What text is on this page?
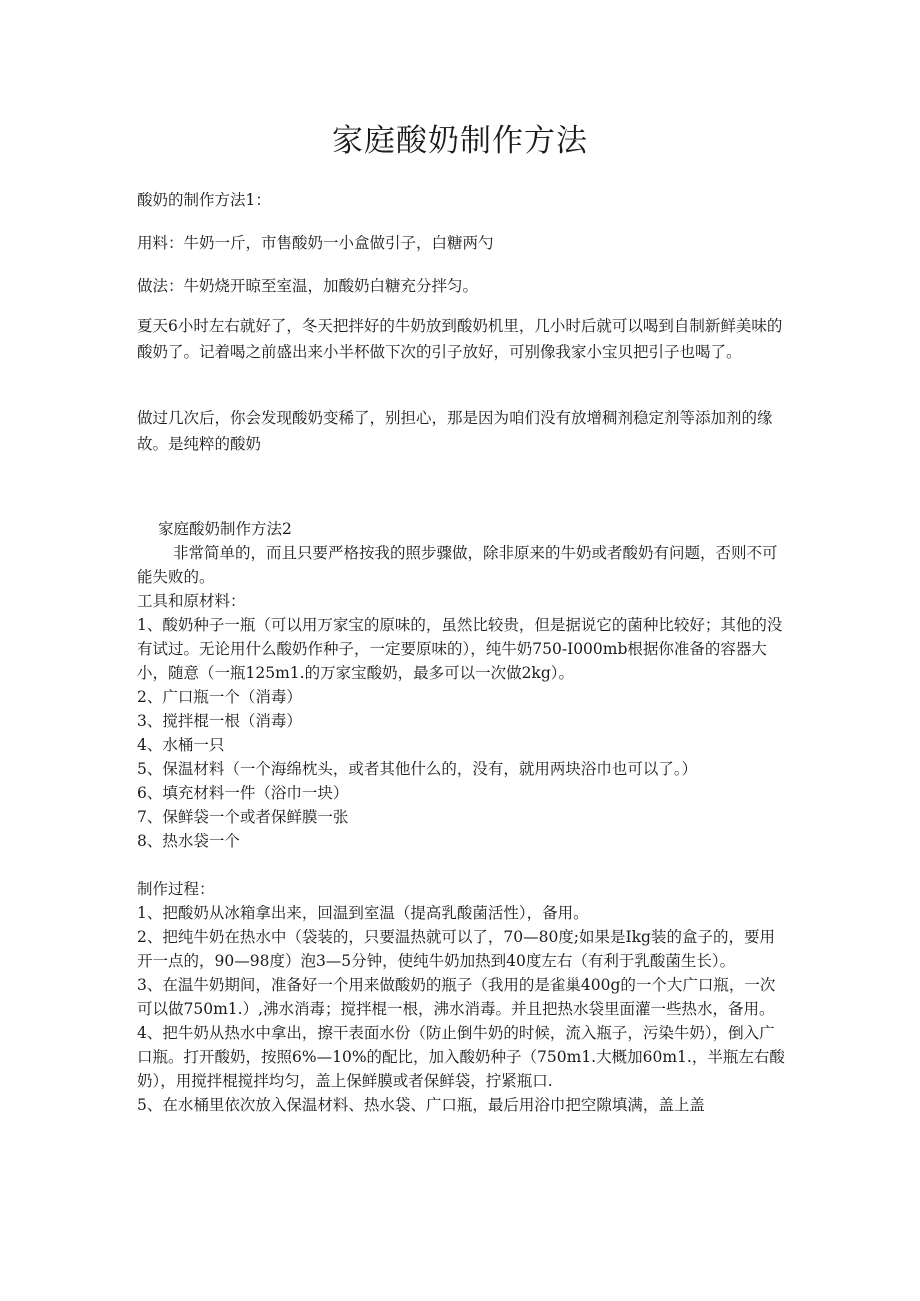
家庭酸奶制作方法

酸奶的制作方法1：

用料：牛奶一斤，市售酸奶一小盒做引子，白糖两勺

做法：牛奶烧开晾至室温，加酸奶白糖充分拌匀。

夏天6小时左右就好了，冬天把拌好的牛奶放到酸奶机里，几小时后就可以喝到自制新鲜美味的酸奶了。记着喝之前盛出来小半杯做下次的引子放好，可别像我家小宝贝把引子也喝了。

做过几次后，你会发现酸奶变稀了，别担心，那是因为咱们没有放增稠剂稳定剂等添加剂的缘故。是纯粹的酸奶

家庭酸奶制作方法2

非常简单的，而且只要严格按我的照步骤做，除非原来的牛奶或者酸奶有问题，否则不可能失败的。

工具和原材料：

1、酸奶种子一瓶（可以用万家宝的原味的，虽然比较贵，但是据说它的菌种比较好；其他的没有试过。无论用什么酸奶作种子，一定要原味的），纯牛奶750-I000mb根据你准备的容器大小，随意（一瓶125m1.的万家宝酸奶，最多可以一次做2kg）。

2、广口瓶一个（消毒）

3、搅拌棍一根（消毒）

4、水桶一只

5、保温材料（一个海绵枕头，或者其他什么的，没有，就用两块浴巾也可以了。）

6、填充材料一件（浴巾一块）

7、保鲜袋一个或者保鲜膜一张

8、热水袋一个

制作过程：

1、把酸奶从冰箱拿出来，回温到室温（提高乳酸菌活性），备用。

2、把纯牛奶在热水中（袋装的，只要温热就可以了，70—80度;如果是Ikg装的盒子的，要用开一点的，90—98度）泡3—5分钟，使纯牛奶加热到40度左右（有利于乳酸菌生长）。

3、在温牛奶期间，准备好一个用来做酸奶的瓶子（我用的是雀巢400g的一个大广口瓶，一次可以做750m1.）,沸水消毒；搅拌棍一根，沸水消毒。并且把热水袋里面灌一些热水，备用。

4、把牛奶从热水中拿出，擦干表面水份（防止倒牛奶的时候，流入瓶子，污染牛奶），倒入广口瓶。打开酸奶，按照6%—10%的配比，加入酸奶种子（750m1.大概加60m1.，半瓶左右酸奶），用搅拌棍搅拌均匀，盖上保鲜膜或者保鲜袋，拧紧瓶口.

5、在水桶里依次放入保温材料、热水袋、广口瓶，最后用浴巾把空隙填满，盖上盖
